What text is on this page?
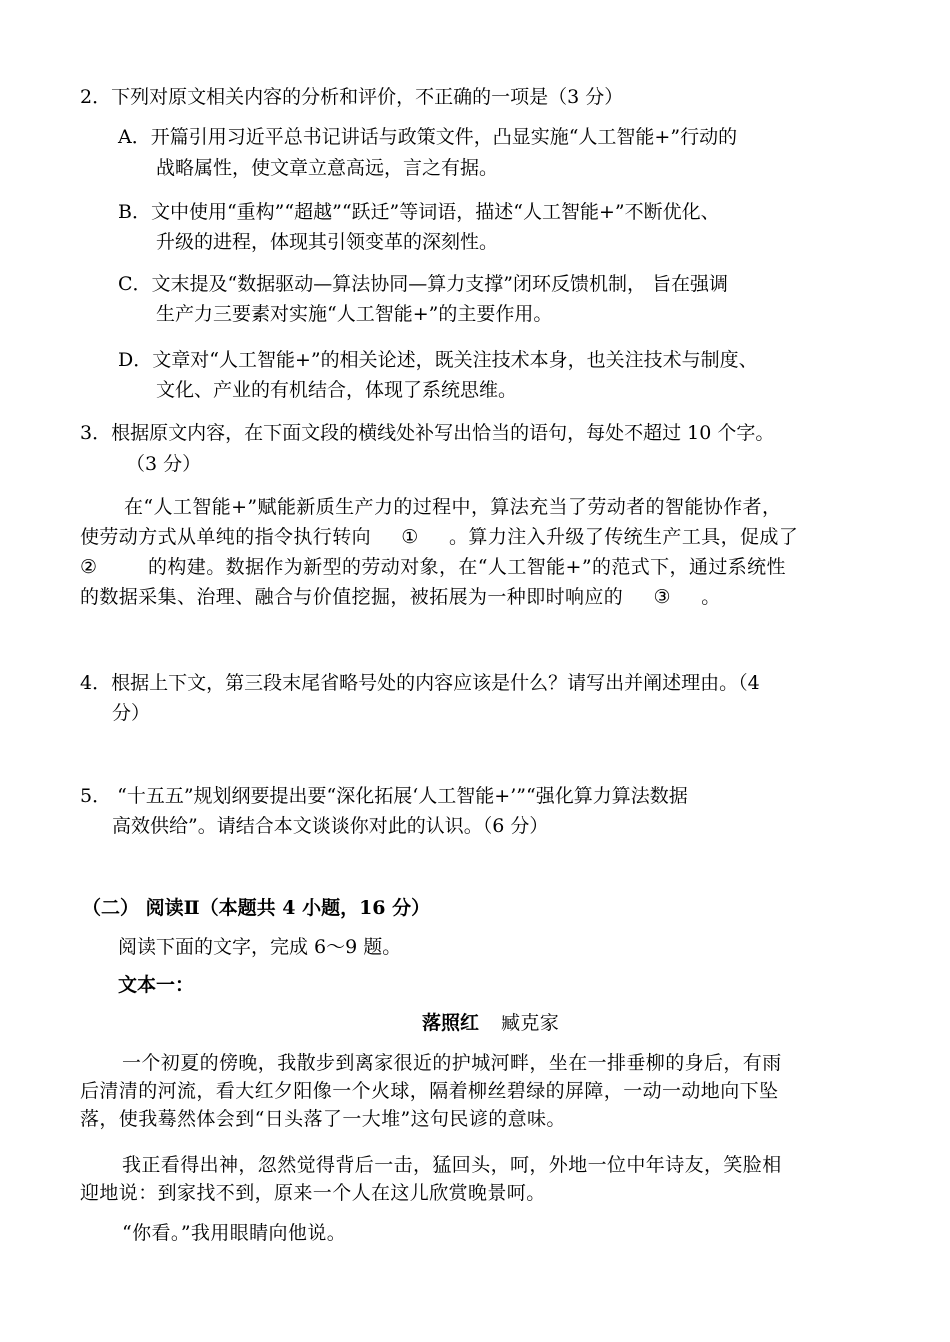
2．下列对原文相关内容的分析和评价，不正确的一项是（3 分）
A．开篇引用习近平总书记讲话与政策文件，凸显实施“人工智能+”行动的
战略属性，使文章立意高远，言之有据。
B．文中使用“重构”“超越”“跃迁”等词语，描述“人工智能+”不断优化、
升级的进程，体现其引领变革的深刻性。
C．文末提及“数据驱动—算法协同—算力支撑”闭环反馈机制， 旨在强调
生产力三要素对实施“人工智能+”的主要作用。
D．文章对“人工智能+”的相关论述，既关注技术本身，也关注技术与制度、
文化、产业的有机结合，体现了系统思维。
3．根据原文内容，在下面文段的横线处补写出恰当的语句，每处不超过 10 个字。
（3 分）
在“人工智能+”赋能新质生产力的过程中，算法充当了劳动者的智能协作者，
使劳动方式从单纯的指令执行转向 ① 。算力注入升级了传统生产工具，促成了
②	的构建。数据作为新型的劳动对象，在“人工智能+”的范式下，通过系统性
的数据采集、治理、融合与价值挖掘，被拓展为一种即时响应的 ③ 。
4．根据上下文，第三段末尾省略号处的内容应该是什么？请写出并阐述理由。（4
分）
5． “十五五”规划纲要提出要“深化拓展‘人工智能+’”“强化算力算法数据
高效供给”。请结合本文谈谈你对此的认识。（6 分）
（二） 阅读Ⅱ（本题共 4 小题，16 分）
阅读下面的文字，完成 6～9 题。
文本一：
落照红 臧克家
一个初夏的傍晚，我散步到离家很近的护城河畔，坐在一排垂柳的身后，有雨
后清清的河流，看大红夕阳像一个火球，隔着柳丝碧绿的屏障，一动一动地向下坠
落，使我蓦然体会到“日头落了一大堆”这句民谚的意味。
我正看得出神，忽然觉得背后一击，猛回头，呵，外地一位中年诗友，笑脸相
迎地说：到家找不到，原来一个人在这儿欣赏晚景呵。
“你看。”我用眼睛向他说。
